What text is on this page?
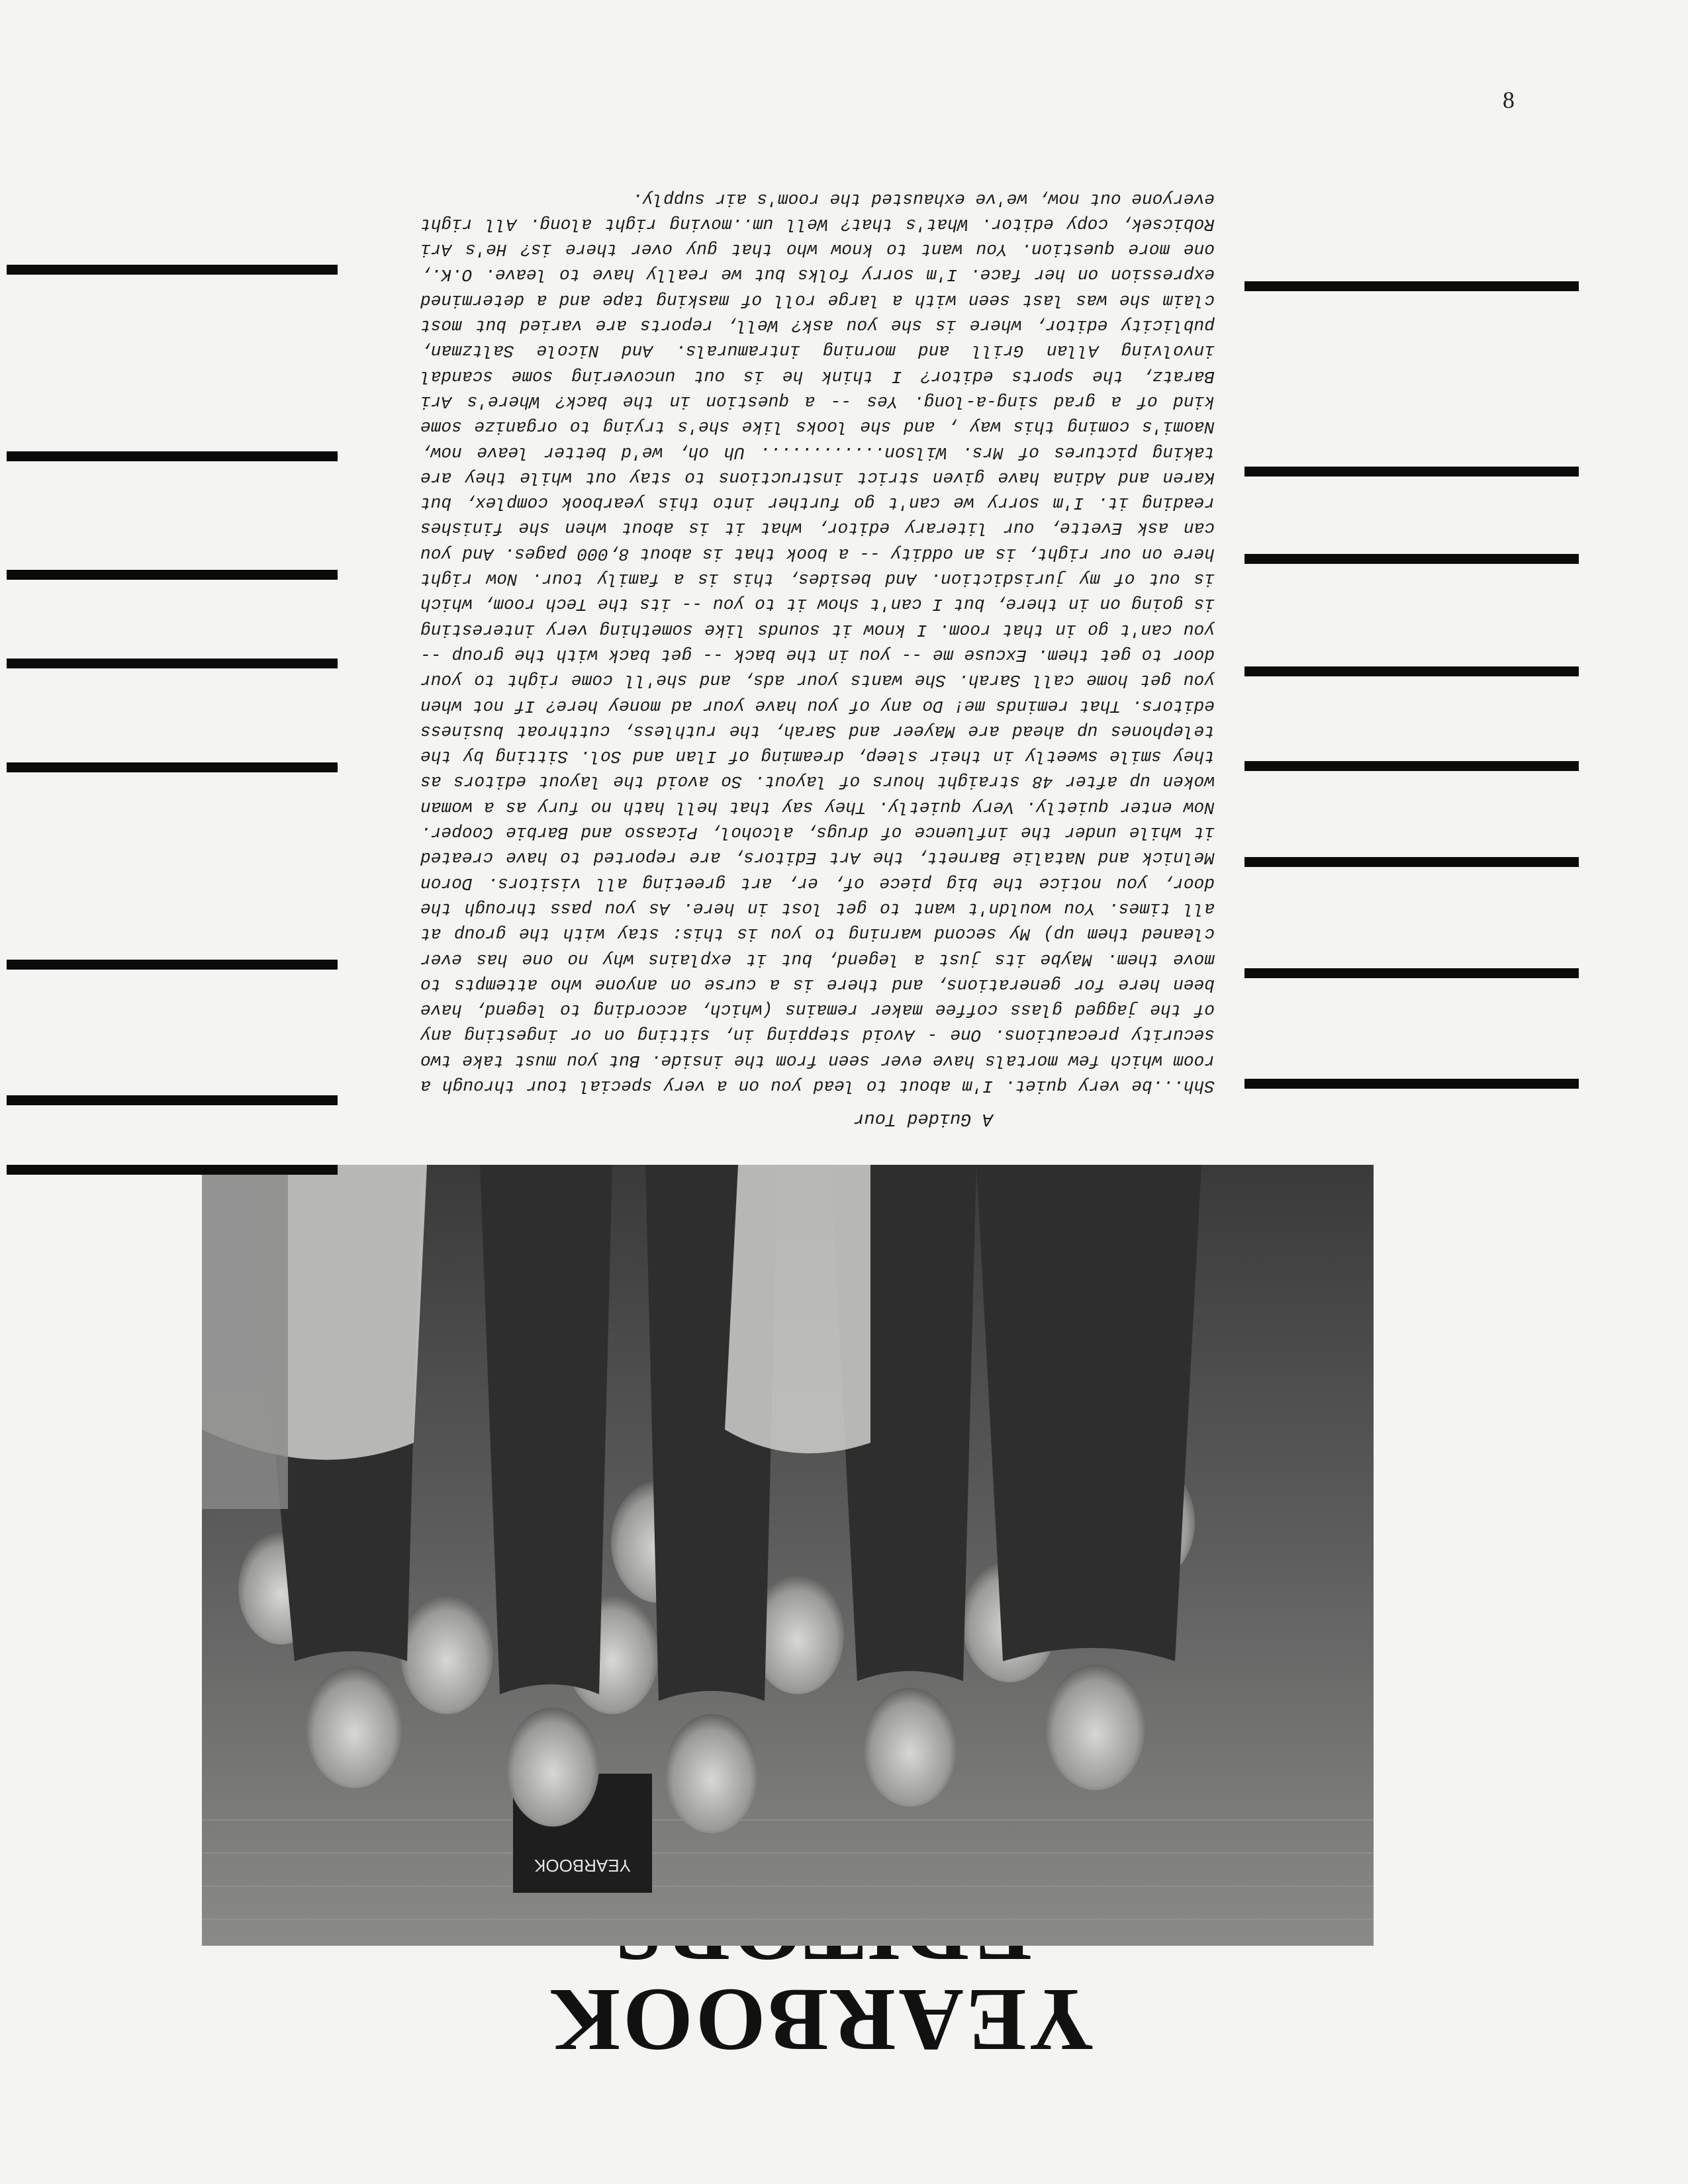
8
YEARBOOK
YEARBOOK
A Guided Tour
Shh...be very quiet. I'm about to lead you on a very special tour through a room which few mortals have ever seen from the inside. But you must take two security precautions. One - Avoid stepping in, sitting on or ingesting any of the jagged glass coffee maker remains (which, according to legend, have been here for generations, and there is a curse on anyone who attempts to move them. Maybe its just a legend, but it explains why no one has ever cleaned them up) My second warning to you is this: stay with the group at all times. You wouldn't want to get lost in here. As you pass through the door, you notice the big piece of, er, art greeting all visitors. Doron Melnick and Natalie Barnett, the Art Editors, are reported to have created it while under the influence of drugs, alcohol, Picasso and Barbie Cooper. Now enter quietly. Very quietly. They say that hell hath no fury as a woman woken up after 48 straight hours of layout. So avoid the layout editors as they smile sweetly in their sleep, dreaming of Ilan and Sol. Sitting by the telephones up ahead are Mayeer and Sarah, the ruthless, cutthroat business editors. That reminds me! Do any of you have your ad money here? If not when you get home call Sarah. She wants your ads, and she'll come right to your door to get them. Excuse me -- you in the back -- get back with the group -- you can't go in that room. I know it sounds like something very interesting is going on in there, but I can't show it to you -- its the Tech room, which is out of my jurisdiction. And besides, this is a family tour. Now right here on our right, is an oddity -- a book that is about 8,000 pages. And you can ask Evette, our literary editor, what it is about when she finishes reading it. I'm sorry we can't go further into this yearbook complex, but Karen and Adina have given strict instructions to stay out while they are taking pictures of Mrs. Wilson............ Uh oh, we'd better leave now, Naomi's coming this way , and she looks like she's trying to organize some kind of a grad sing-a-long. Yes -- a question in the back? Where's Ari Baratz, the sports editor? I think he is out uncovering some scandal involving Allan Grill and morning intramurals. And Nicole Saltzman, publicity editor, where is she you ask? Well, reports are varied but most claim she was last seen with a large roll of masking tape and a determined expression on her face. I'm sorry folks but we really have to leave. O.K., one more question. You want to know who that guy over there is? He's Ari Robicsek, copy editor. What's that? Well um..moving right along. All right everyone out now, we've exhausted the room's air supply.
